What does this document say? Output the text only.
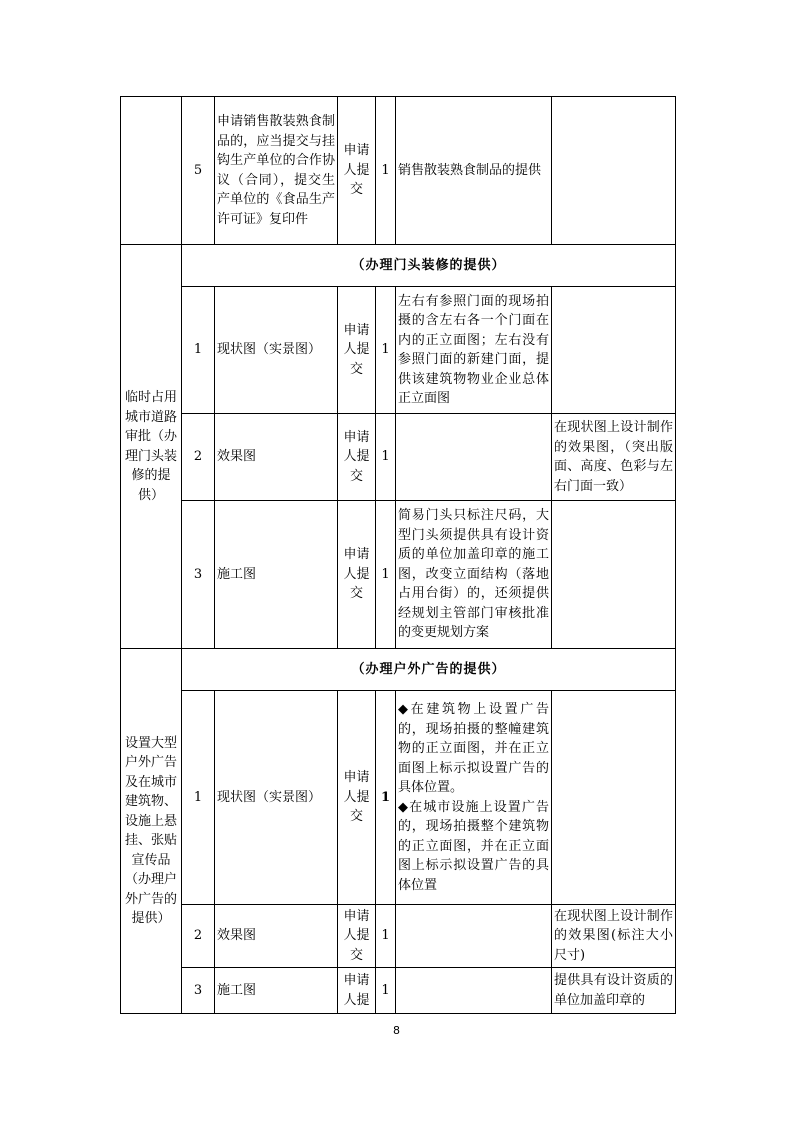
	5	申请销售散装熟食制品的，应当提交与挂钩生产单位的合作协议（合同），提交生产单位的《食品生产许可证》复印件	申请人提交	1	销售散装熟食制品的提供	
临时占用城市道路审批（办理门头装修的提供）	（办理门头装修的提供）					
	1	现状图（实景图）	申请人提交	1	左右有参照门面的现场拍摄的含左右各一个门面在内的正立面图；左右没有参照门面的新建门面，提供该建筑物物业企业总体正立面图	
	2	效果图	申请人提交	1		在现状图上设计制作的效果图，（突出版面、高度、色彩与左右门面一致）
	3	施工图	申请人提交	1	简易门头只标注尺码，大型门头须提供具有设计资质的单位加盖印章的施工图，改变立面结构（落地占用台街）的，还须提供经规划主管部门审核批准的变更规划方案	
设置大型户外广告及在城市建筑物、设施上悬挂、张贴宣传品（办理户外广告的提供）	（办理户外广告的提供）					
	1	现状图（实景图）	申请人提交	1	◆在建筑物上设置广告的，现场拍摄的整幢建筑物的正立面图，并在正立面图上标示拟设置广告的具体位置。
◆在城市设施上设置广告的，现场拍摄整个建筑物的正立面图，并在正立面图上标示拟设置广告的具体位置	

	2	效果图	申请人提交	1		在现状图上设计制作的效果图(标注大小尺寸)
	3	施工图	申请人提	1		提供具有设计资质的单位加盖印章的
8
